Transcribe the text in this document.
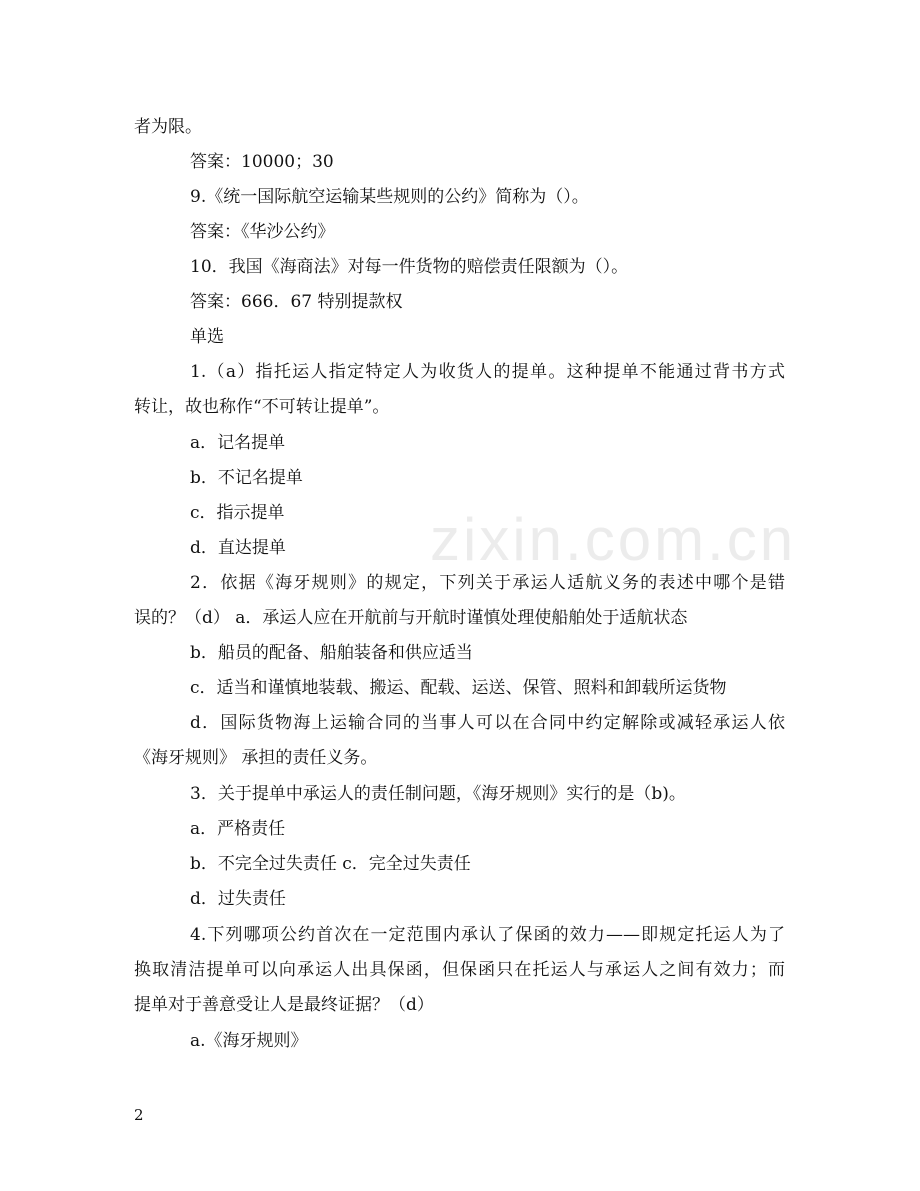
zixin.com.cn
者为限。
答案：10000；30
9.《统一国际航空运输某些规则的公约》简称为（）。
答案：《华沙公约》
10．我国《海商法》对每一件货物的赔偿责任限额为（）。
答案：666．67 特别提款权
单选
1.（a）指托运人指定特定人为收货人的提单。这种提单不能通过背书方式
转让，故也称作“不可转让提单”。
a．记名提单
b．不记名提单
c．指示提单
d．直达提单
2．依据《海牙规则》的规定，下列关于承运人适航义务的表述中哪个是错
误的？（d） a．承运人应在开航前与开航时谨慎处理使船舶处于适航状态
b．船员的配备、船舶装备和供应适当
c．适当和谨慎地装载、搬运、配载、运送、保管、照料和卸载所运货物
d．国际货物海上运输合同的当事人可以在合同中约定解除或减轻承运人依
《海牙规则》 承担的责任义务。
3．关于提单中承运人的责任制问题，《海牙规则》实行的是（b)。
a．严格责任
b．不完全过失责任 c．完全过失责任
d．过失责任
4.下列哪项公约首次在一定范围内承认了保函的效力——即规定托运人为了
换取清洁提单可以向承运人出具保函，但保函只在托运人与承运人之间有效力；而
提单对于善意受让人是最终证据？（d）
a.《海牙规则》
2
